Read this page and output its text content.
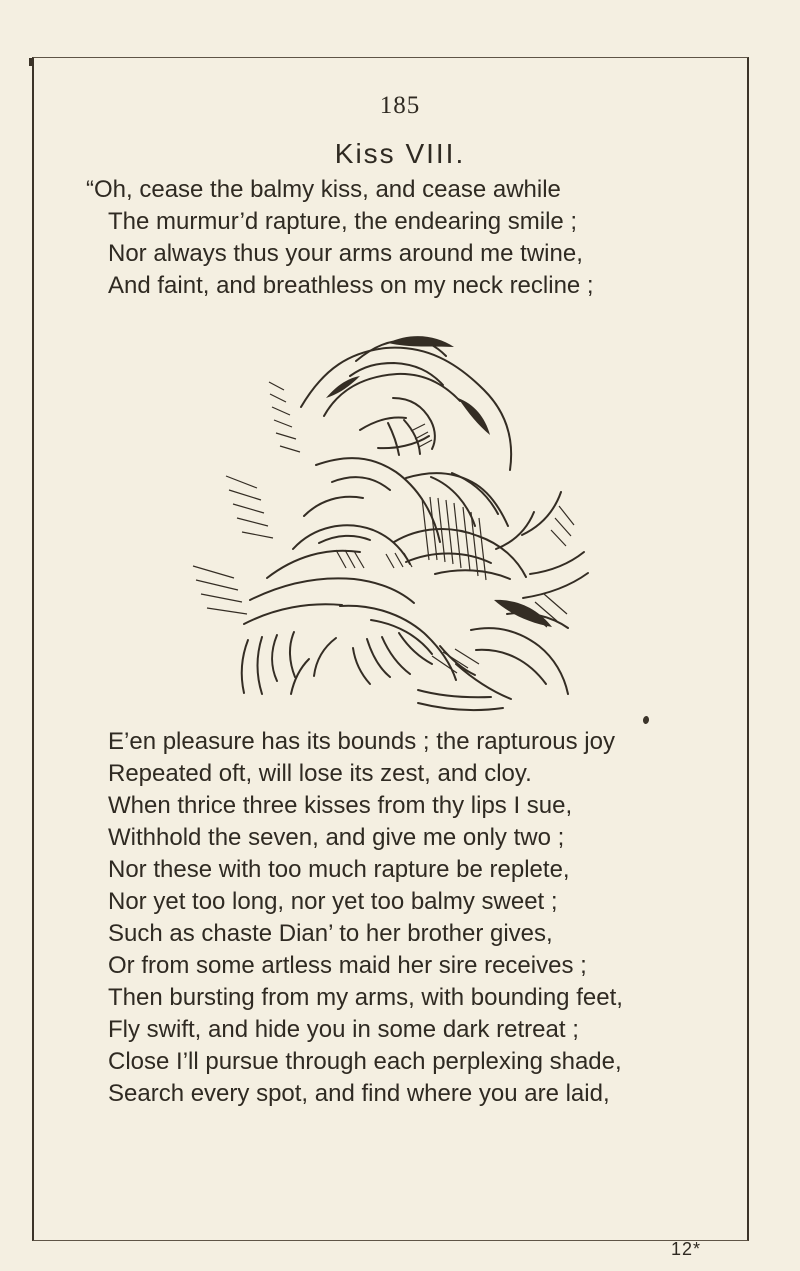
185
Kiss VIII.
“Oh, cease the balmy kiss, and cease awhile
The murmur’d rapture, the endearing smile ;
Nor always thus your arms around me twine,
And faint, and breathless on my neck recline ;
E’en pleasure has its bounds ; the rapturous joy
Repeated oft, will lose its zest, and cloy.
When thrice three kisses from thy lips I sue,
Withhold the seven, and give me only two ;
Nor these with too much rapture be replete,
Nor yet too long, nor yet too balmy sweet ;
Such as chaste Dian’ to her brother gives,
Or from some artless maid her sire receives ;
Then bursting from my arms, with bounding feet,
Fly swift, and hide you in some dark retreat ;
Close I’ll pursue through each perplexing shade,
Search every spot, and find where you are laid,
12*
